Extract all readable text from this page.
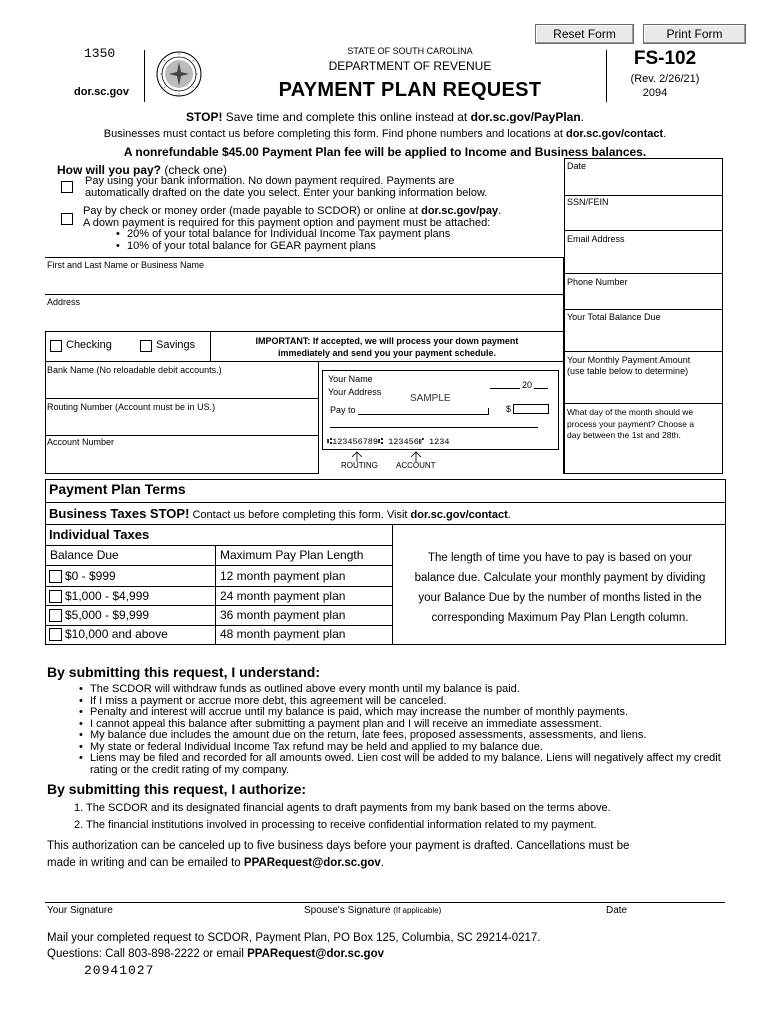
Reset Form	Print Form
1350
dor.sc.gov
STATE OF SOUTH CAROLINA
DEPARTMENT OF REVENUE
PAYMENT PLAN REQUEST
FS-102
(Rev. 2/26/21)
2094
STOP! Save time and complete this online instead at dor.sc.gov/PayPlan.
Businesses must contact us before completing this form. Find phone numbers and locations at dor.sc.gov/contact.
A nonrefundable $45.00 Payment Plan fee will be applied to Income and Business balances.
How will you pay? (check one)
Pay using your bank information. No down payment required. Payments are
automatically drafted on the date you select. Enter your banking information below.
Pay by check or money order (made payable to SCDOR) or online at dor.sc.gov/pay.
A down payment is required for this payment option and payment must be attached:
• 20% of your total balance for Individual Income Tax payment plans
• 10% of your total balance for GEAR payment plans
First and Last Name or Business Name
Address
Checking	Savings	IMPORTANT: If accepted, we will process your down payment
immediately and send you your payment schedule.
Bank Name (No reloadable debit accounts.)
Routing Number (Account must be in US.)
Account Number
Your Name
Your Address
20
SAMPLE
Pay to	$
⑆123456789⑆ 123456⑈ 1234
ROUTING ACCOUNT
Date
SSN/FEIN
Email Address
Phone Number
Your Total Balance Due
Your Monthly Payment Amount
(use table below to determine)
What day of the month should we
process your payment? Choose a
day between the 1st and 28th.
Payment Plan Terms
Business Taxes STOP! Contact us before completing this form. Visit dor.sc.gov/contact.
Individual Taxes
Balance Due	Maximum Pay Plan Length
$0 - $999	12 month payment plan
$1,000 - $4,999	24 month payment plan
$5,000 - $9,999	36 month payment plan
$10,000 and above	48 month payment plan
The length of time you have to pay is based on your
balance due. Calculate your monthly payment by dividing
your Balance Due by the number of months listed in the
corresponding Maximum Pay Plan Length column.
By submitting this request, I understand:
• The SCDOR will withdraw funds as outlined above every month until my balance is paid.
• If I miss a payment or accrue more debt, this agreement will be canceled.
• Penalty and interest will accrue until my balance is paid, which may increase the number of monthly payments.
• I cannot appeal this balance after submitting a payment plan and I will receive an immediate assessment.
• My balance due includes the amount due on the return, late fees, proposed assessments, assessments, and liens.
• My state or federal Individual Income Tax refund may be held and applied to my balance due.
• Liens may be filed and recorded for all amounts owed. Lien cost will be added to my balance. Liens will negatively affect my credit rating or the credit rating of my company.
By submitting this request, I authorize:
1. The SCDOR and its designated financial agents to draft payments from my bank based on the terms above.
2. The financial institutions involved in processing to receive confidential information related to my payment.
This authorization can be canceled up to five business days before your payment is drafted. Cancellations must be
made in writing and can be emailed to PPARequest@dor.sc.gov.
Your Signature	Spouse's Signature (If applicable)	Date
Mail your completed request to SCDOR, Payment Plan, PO Box 125, Columbia, SC 29214-0217.
Questions: Call 803-898-2222 or email PPARequest@dor.sc.gov
20941027
